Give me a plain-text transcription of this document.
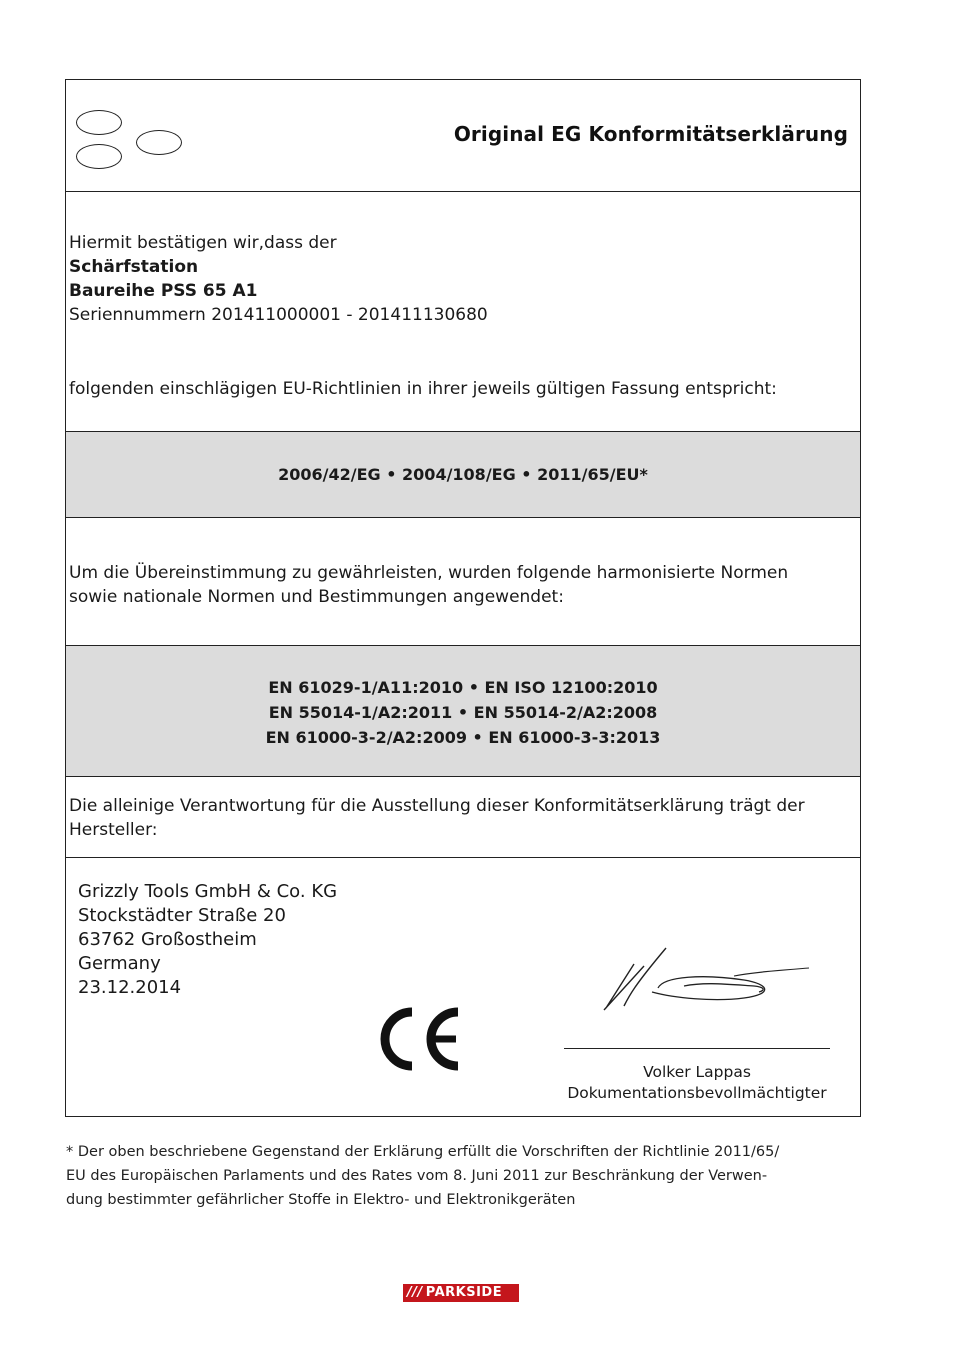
Original EG Konformitätserklärung
Hiermit bestätigen wir,dass der
Schärfstation
Baureihe PSS 65 A1
Seriennummern 201411000001 - 201411130680
folgenden einschlägigen EU-Richtlinien in ihrer jeweils gültigen Fassung entspricht:
2006/42/EG • 2004/108/EG • 2011/65/EU*
Um die Übereinstimmung zu gewährleisten, wurden folgende harmonisierte Normen
sowie nationale Normen und Bestimmungen angewendet:
EN 61029-1/A11:2010 • EN ISO 12100:2010
EN 55014-1/A2:2011 • EN 55014-2/A2:2008
EN 61000-3-2/A2:2009 • EN 61000-3-3:2013
Die alleinige Verantwortung für die Ausstellung dieser Konformitätserklärung trägt der
Hersteller:
Grizzly Tools GmbH & Co. KG
Stockstädter Straße 20
63762 Großostheim
Germany
23.12.2014
Volker Lappas
Dokumentationsbevollmächtigter
* Der oben beschriebene Gegenstand der Erklärung erfüllt die Vorschriften der Richtlinie 2011/65/
EU des Europäischen Parlaments und des Rates vom 8. Juni 2011 zur Beschränkung der Verwen-
dung bestimmter gefährlicher Stoffe in Elektro- und Elektronikgeräten
/// PARKSIDE
